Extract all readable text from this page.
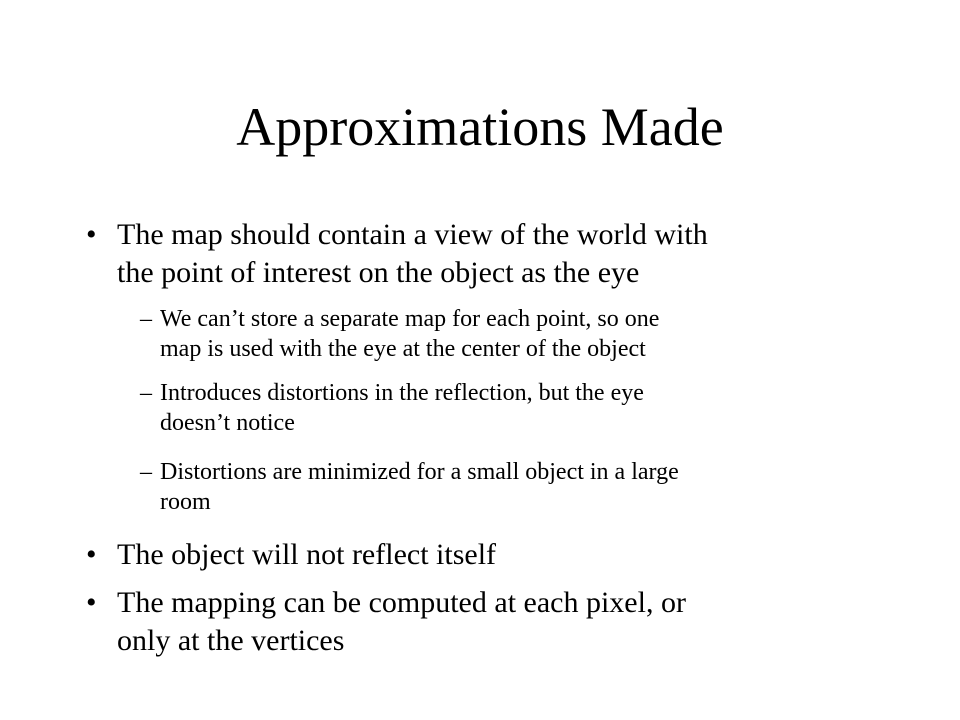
Approximations Made
• The map should contain a view of the world with
the point of interest on the object as the eye
– We can’t store a separate map for each point, so one
map is used with the eye at the center of the object
– Introduces distortions in the reflection, but the eye
doesn’t notice
– Distortions are minimized for a small object in a large
room
• The object will not reflect itself
• The mapping can be computed at each pixel, or
only at the vertices
